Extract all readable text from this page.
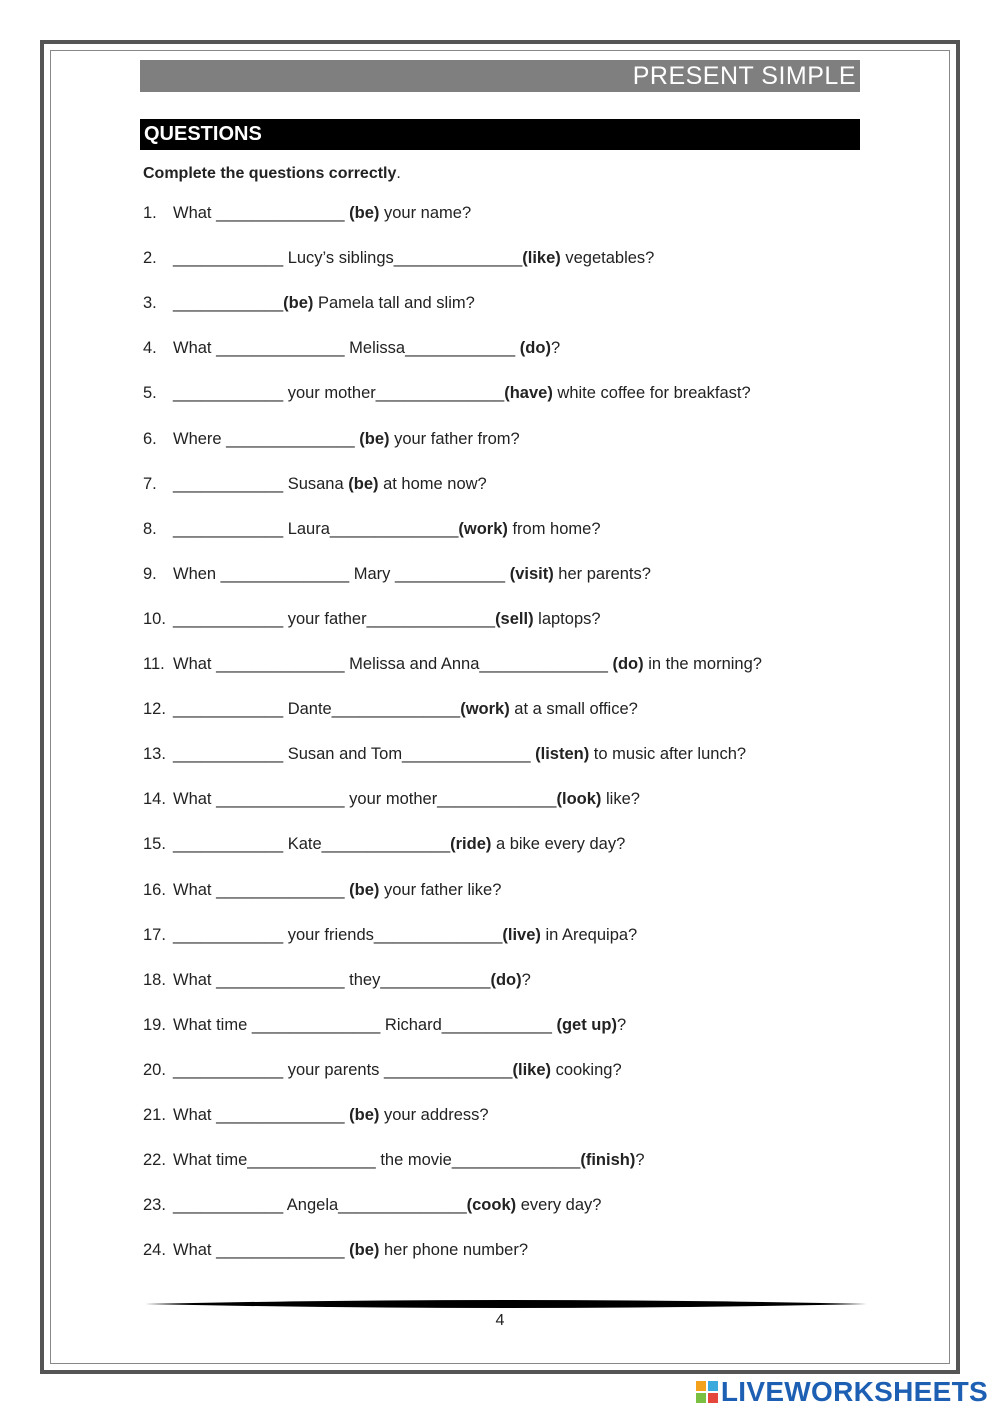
PRESENT SIMPLE
QUESTIONS
Complete the questions correctly.
1. What ______________ (be) your name?
2. ____________ Lucy’s siblings______________(like) vegetables?
3. ____________(be) Pamela tall and slim?
4. What ______________ Melissa____________ (do)?
5. ____________ your mother______________(have) white coffee for breakfast?
6. Where ______________ (be) your father from?
7. ____________ Susana (be) at home now?
8. ____________ Laura______________(work) from home?
9. When ______________ Mary ____________ (visit) her parents?
10. ____________ your father______________(sell) laptops?
11. What ______________ Melissa and Anna______________ (do) in the morning?
12. ____________ Dante______________(work) at a small office?
13. ____________ Susan and Tom______________ (listen) to music after lunch?
14. What ______________ your mother_____________(look) like?
15. ____________ Kate______________(ride) a bike every day?
16. What ______________ (be) your father like?
17. ____________ your friends______________(live) in Arequipa?
18. What ______________ they____________(do)?
19. What time ______________ Richard____________ (get up)?
20. ____________ your parents ______________(like) cooking?
21. What ______________ (be) your address?
22. What time______________ the movie______________(finish)?
23. ____________ Angela______________(cook) every day?
24. What ______________ (be) her phone number?
4
LIVEWORKSHEETS
